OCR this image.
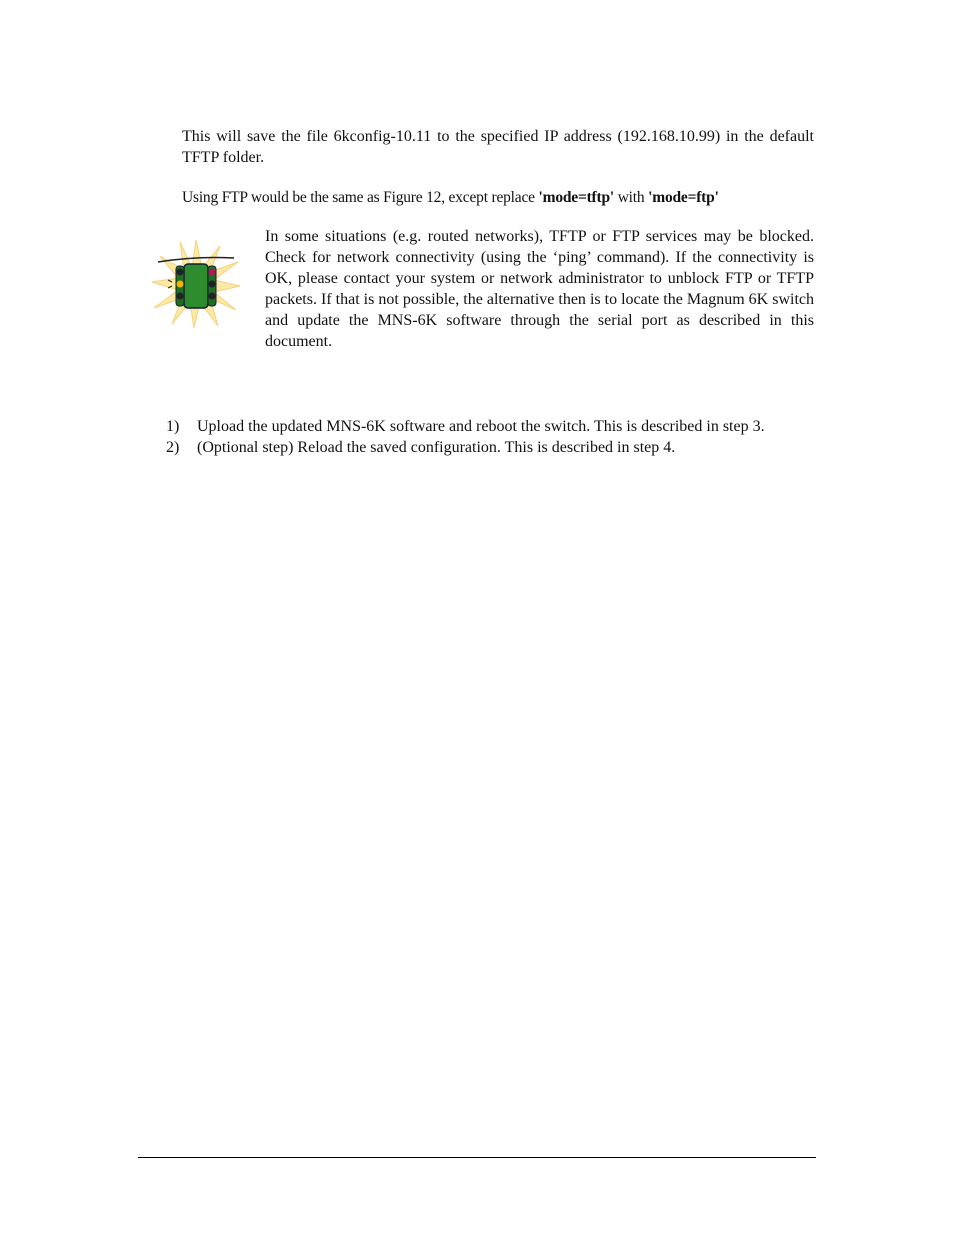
This will save the file 6kconfig-10.11 to the specified IP address (192.168.10.99) in the default TFTP folder.
Using FTP would be the same as Figure 12, except replace 'mode=tftp' with 'mode=ftp'
In some situations (e.g. routed networks), TFTP or FTP services may be blocked. Check for network connectivity (using the ‘ping’ command). If the connectivity is OK, please contact your system or network administrator to unblock FTP or TFTP packets. If that is not possible, the alternative then is to locate the Magnum 6K switch and update the MNS-6K software through the serial port as described in this document.
1) Upload the updated MNS-6K software and reboot the switch. This is described in step 3.
2) (Optional step) Reload the saved configuration. This is described in step 4.
